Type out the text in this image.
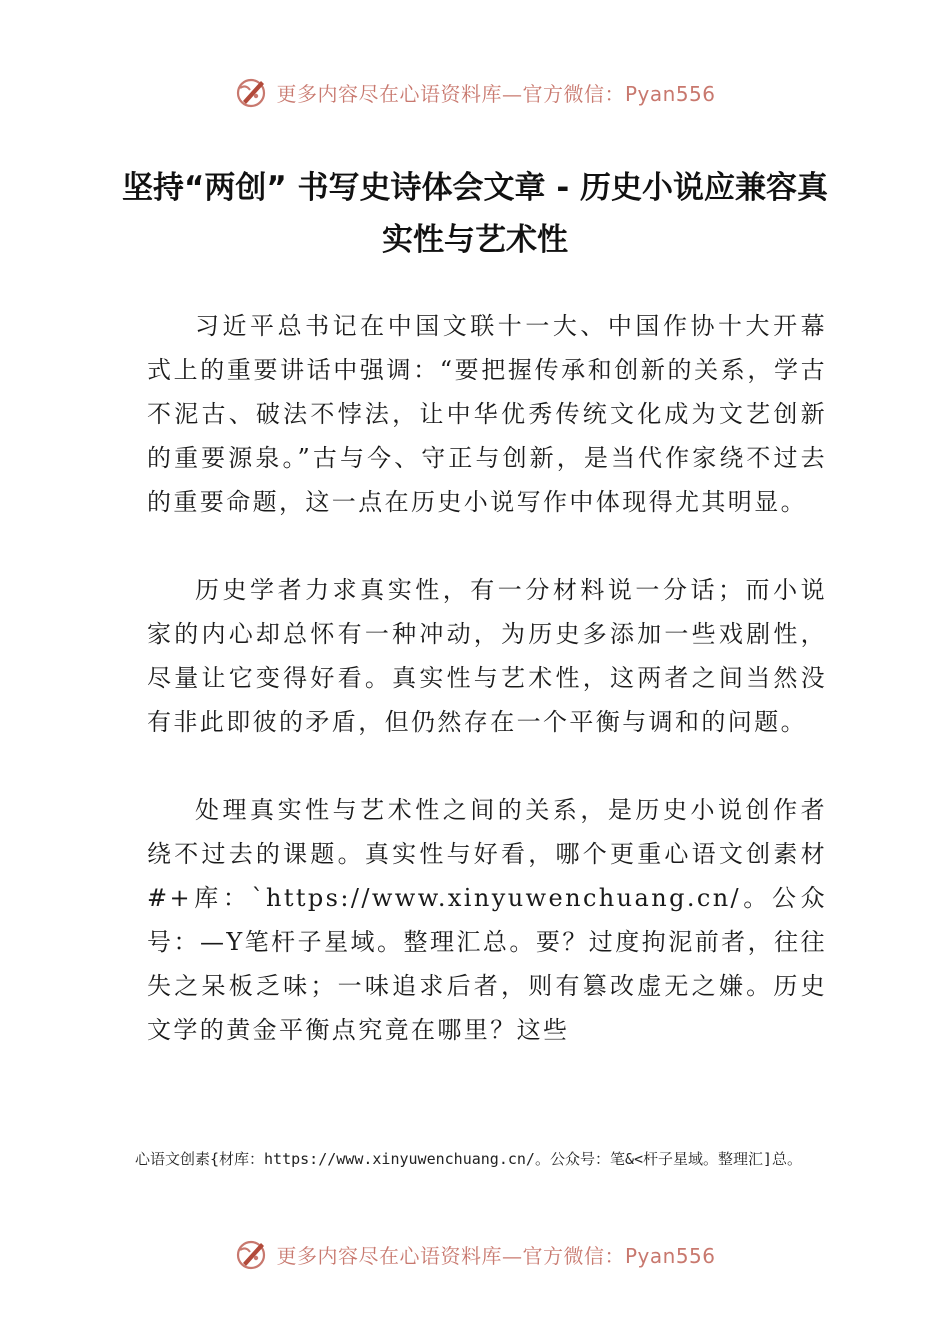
更多内容尽在心语资料库—官方微信：Pyan556
坚持“两创” 书写史诗体会文章 - 历史小说应兼容真实性与艺术性

习近平总书记在中国文联十一大、中国作协十大开幕式上的重要讲话中强调：“要把握传承和创新的关系，学古不泥古、破法不悖法，让中华优秀传统文化成为文艺创新的重要源泉。”古与今、守正与创新，是当代作家绕不过去的重要命题，这一点在历史小说写作中体现得尤其明显。

历史学者力求真实性，有一分材料说一分话；而小说家的内心却总怀有一种冲动，为历史多添加一些戏剧性，尽量让它变得好看。真实性与艺术性，这两者之间当然没有非此即彼的矛盾，但仍然存在一个平衡与调和的问题。

处理真实性与艺术性之间的关系，是历史小说创作者绕不过去的课题。真实性与好看，哪个更重心语文创素材#+库：`https://www.xinyuwenchuang.cn/。公众号：—Y笔杆子星域。整理汇总。要？过度拘泥前者，往往失之呆板乏味；一味追求后者，则有篡改虚无之嫌。历史文学的黄金平衡点究竟在哪里？这些

心语文创素{材库：https://www.xinyuwenchuang.cn/。公众号：笔&<杆子星域。整理汇]总。

更多内容尽在心语资料库—官方微信：Pyan556
